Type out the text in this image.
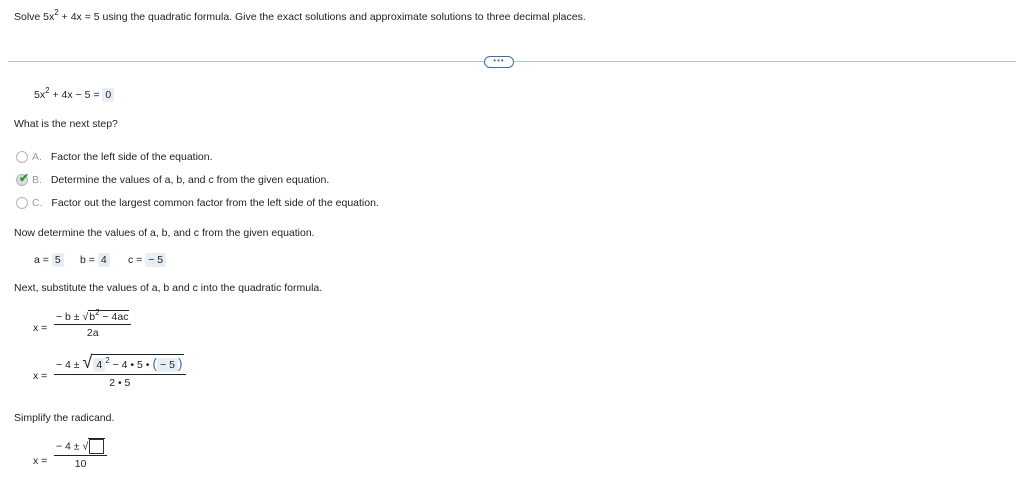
Solve $5x^2 + 4x = 5$ using the quadratic formula. Give the exact solutions and approximate solutions to three decimal places.
•••
$5x^2 + 4x - 5 = 0$
What is the next step?
A. Factor the left side of the equation.
✔ B. Determine the values of a, b, and c from the given equation.
C. Factor out the largest common factor from the left side of the equation.
Now determine the values of a, b, and c from the given equation.
a = 5 b = 4 c = − 5
Next, substitute the values of a, b and c into the quadratic formula.
$x = \frac{- b \pm √b^2 - 4ac}{2a}$
$x = \frac{- 4 \pm √ 4 ^2 - 4 • 5 • ( - 5 )}{2 • 5}$
Simplify the radicand.
$x = \frac{- 4 \pm √}{10}$
